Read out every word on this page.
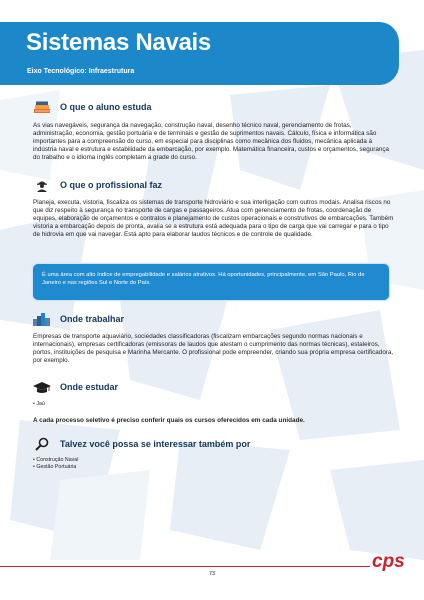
Sistemas Navais
Eixo Tecnológico: Infraestrutura
O que o aluno estuda

As vias navegáveis, segurança da navegação, construção naval, desenho técnico naval, gerenciamento de frotas, administração, economia, gestão portuária e de terminais e gestão de suprimentos navais. Cálculo, física e informática são importantes para a compreensão do curso, em especial para disciplinas como mecânica dos fluidos, mecânica aplicada à indústria naval e estrutura e estabilidade da embarcação, por exemplo. Matemática financeira, custos e orçamentos, segurança do trabalho e o idioma inglês completam a grade do curso.

O que o profissional faz

Planeja, executa, vistoria, fiscaliza os sistemas de transporte hidroviário e sua interligação com outros modais. Analisa riscos no que diz respeito à segurança no transporte de cargas e passageiros. Atua com gerenciamento de frotas, coordenação de equipes, elaboração de orçamentos e contratos e planejamento de custos operacionais e construtivos de embarcações. Também vistoria a embarcação depois de pronta, avalia se a estrutura está adequada para o tipo de carga que vai carregar e para o tipo de hidrovia em que vai navegar. Está apto para elaborar laudos técnicos e de controle de qualidade.

É uma área com alto índice de empregabilidade e salários atrativos. Há oportunidades, principalmente, em São Paulo, Rio de Janeiro e nas regiões Sul e Norte do País.

Onde trabalhar

Empresas de transporte aquaviário, sociedades classificadoras (fiscalizam embarcações segundo normas nacionais e internacionais), empresas certificadoras (emissoras de laudos que atestam o cumprimento das normas técnicas), estaleiros, portos, instituições de pesquisa e Marinha Mercante. O profissional pode empreender, criando sua própria empresa certificadora, por exemplo.

Onde estudar
• Jaú

A cada processo seletivo é preciso conferir quais os cursos oferecidos em cada unidade.

Talvez você possa se interessar também por
• Construção Naval
• Gestão Portuária
cps
73
